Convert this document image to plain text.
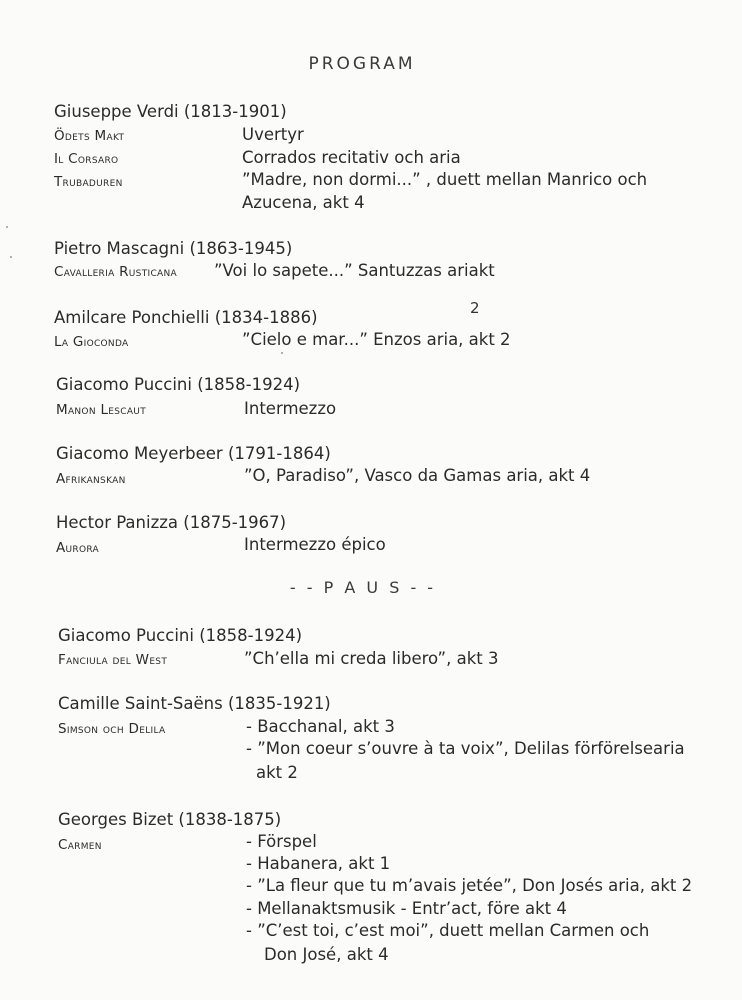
PROGRAM
Giuseppe Verdi (1813-1901)
Ödets Makt	Uvertyr
Il Corsaro	Corrados recitativ och aria
Trubaduren	”Madre, non dormi...” , duett mellan Manrico och
Azucena, akt 4
Pietro Mascagni (1863-1945)
Cavalleria Rusticana ”Voi lo sapete...” Santuzzas ariakt
2
Amilcare Ponchielli (1834-1886)
La Gioconda	”Cielo e mar...” Enzos aria, akt 2
Giacomo Puccini (1858-1924)
Manon Lescaut	Intermezzo
Giacomo Meyerbeer (1791-1864)
Afrikanskan	”O, Paradiso”, Vasco da Gamas aria, akt 4
Hector Panizza (1875-1967)
Aurora	Intermezzo épico
- - P A U S - -
Giacomo Puccini (1858-1924)
Fanciula del West	”Ch’ella mi creda libero”, akt 3
Camille Saint-Saëns (1835-1921)
Simson och Delila	- Bacchanal, akt 3
- ”Mon coeur s’ouvre à ta voix”, Delilas förförelsearia
akt 2
Georges Bizet (1838-1875)
Carmen	- Förspel
- Habanera, akt 1
- ”La fleur que tu m’avais jetée”, Don Josés aria, akt 2
- Mellanaktsmusik - Entr’act, före akt 4
- ”C’est toi, c’est moi”, duett mellan Carmen och
Don José, akt 4
